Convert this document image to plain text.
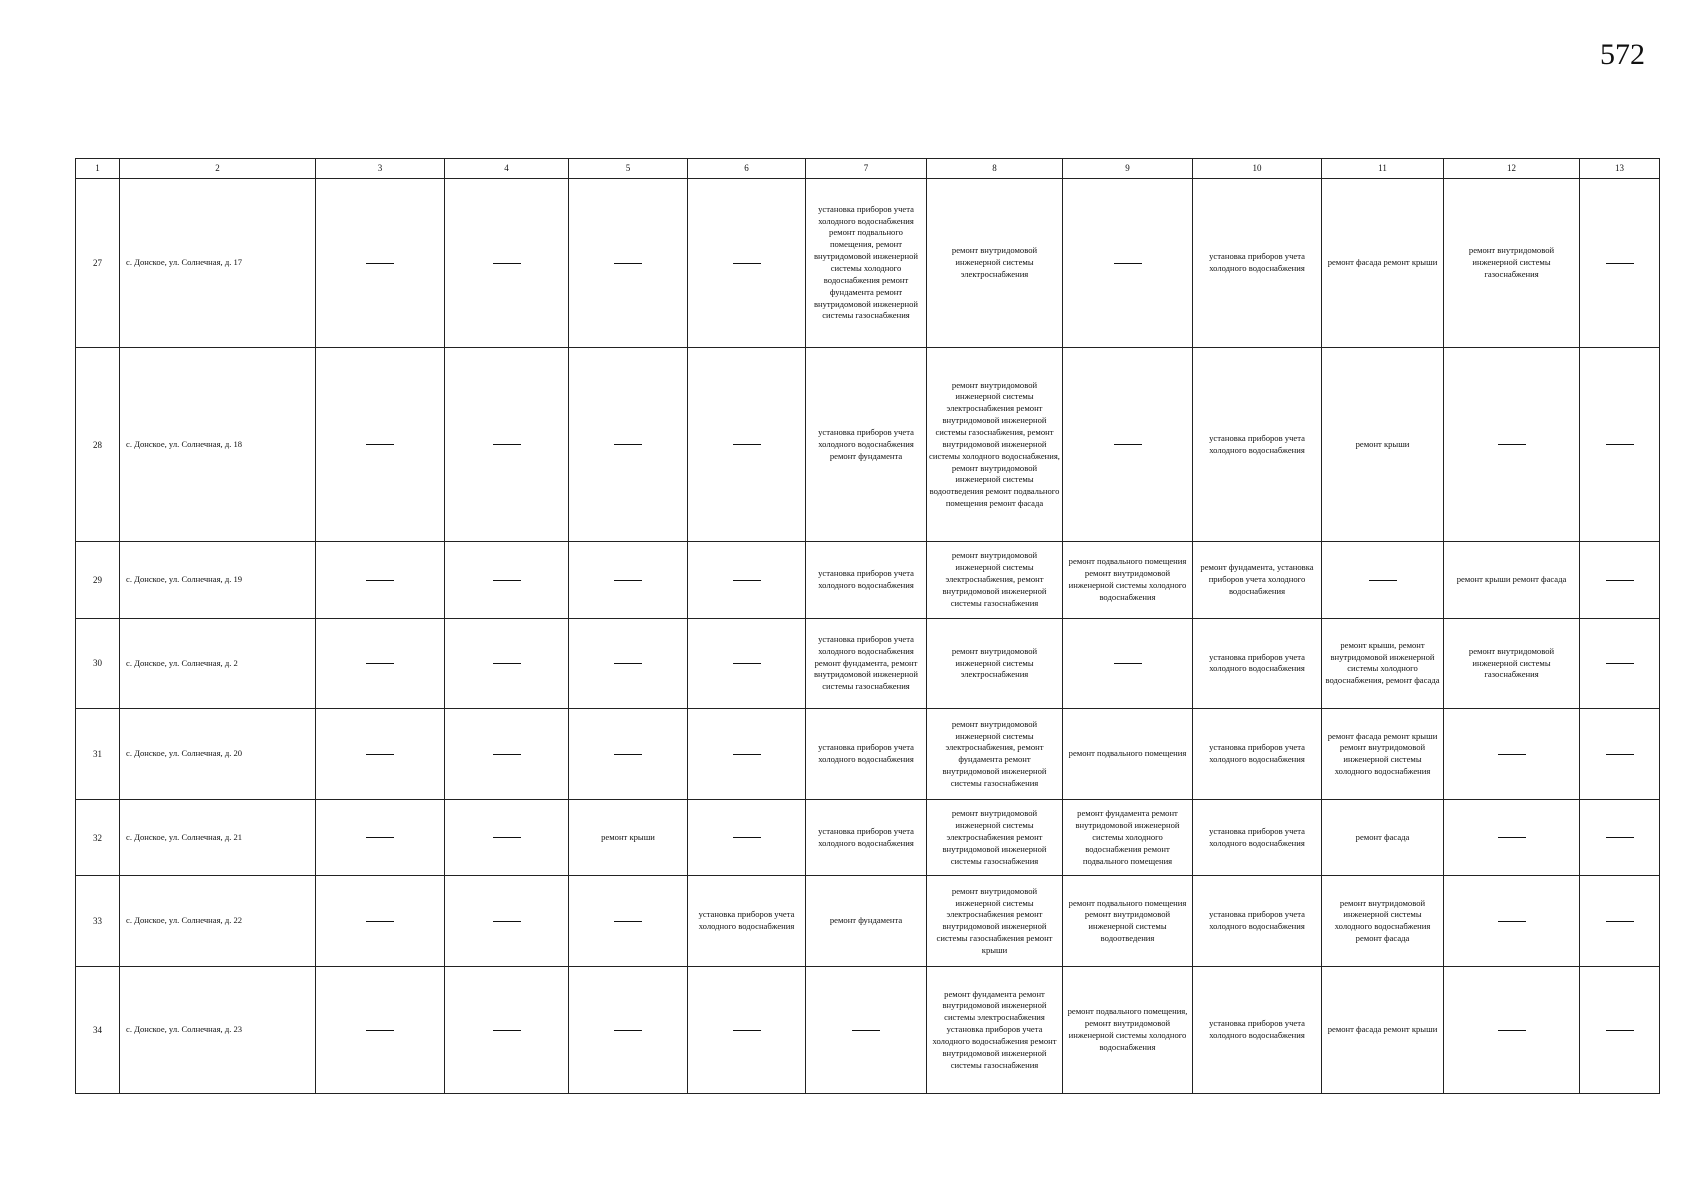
572
1	2	3	4	5	6	7	8	9	10	11	12	13
27	с. Донское, ул. Солнечная, д. 17					установка приборов учета холодного водоснабжения ремонт подвального помещения, ремонт внутридомовой инженерной системы холодного водоснабжения ремонт фундамента ремонт внутридомовой инженерной системы газоснабжения	ремонт внутридомовой инженерной системы электроснабжения		установка приборов учета холодного водоснабжения	ремонт фасада ремонт крыши	ремонт внутридомовой инженерной системы газоснабжения	
28	с. Донское, ул. Солнечная, д. 18					установка приборов учета холодного водоснабжения ремонт фундамента	ремонт внутридомовой инженерной системы электроснабжения ремонт внутридомовой инженерной системы газоснабжения, ремонт внутридомовой инженерной системы холодного водоснабжения, ремонт внутридомовой инженерной системы водоотведения ремонт подвального помещения ремонт фасада		установка приборов учета холодного водоснабжения	ремонт крыши		
29	с. Донское, ул. Солнечная, д. 19					установка приборов учета холодного водоснабжения	ремонт внутридомовой инженерной системы электроснабжения, ремонт внутридомовой инженерной системы газоснабжения	ремонт подвального помещения ремонт внутридомовой инженерной системы холодного водоснабжения	ремонт фундамента, установка приборов учета холодного водоснабжения		ремонт крыши ремонт фасада	
30	с. Донское, ул. Солнечная, д. 2					установка приборов учета холодного водоснабжения ремонт фундамента, ремонт внутридомовой инженерной системы газоснабжения	ремонт внутридомовой инженерной системы электроснабжения		установка приборов учета холодного водоснабжения	ремонт крыши, ремонт внутридомовой инженерной системы холодного водоснабжения, ремонт фасада	ремонт внутридомовой инженерной системы газоснабжения	
31	с. Донское, ул. Солнечная, д. 20					установка приборов учета холодного водоснабжения	ремонт внутридомовой инженерной системы электроснабжения, ремонт фундамента ремонт внутридомовой инженерной системы газоснабжения	ремонт подвального помещения	установка приборов учета холодного водоснабжения	ремонт фасада ремонт крыши ремонт внутридомовой инженерной системы холодного водоснабжения		
32	с. Донское, ул. Солнечная, д. 21			ремонт крыши		установка приборов учета холодного водоснабжения	ремонт внутридомовой инженерной системы электроснабжения ремонт внутридомовой инженерной системы газоснабжения	ремонт фундамента ремонт внутридомовой инженерной системы холодного водоснабжения ремонт подвального помещения	установка приборов учета холодного водоснабжения	ремонт фасада		
33	с. Донское, ул. Солнечная, д. 22				установка приборов учета холодного водоснабжения	ремонт фундамента	ремонт внутридомовой инженерной системы электроснабжения ремонт внутридомовой инженерной системы газоснабжения ремонт крыши	ремонт подвального помещения ремонт внутридомовой инженерной системы водоотведения	установка приборов учета холодного водоснабжения	ремонт внутридомовой инженерной системы холодного водоснабжения ремонт фасада		
34	с. Донское, ул. Солнечная, д. 23						ремонт фундамента ремонт внутридомовой инженерной системы электроснабжения установка приборов учета холодного водоснабжения ремонт внутридомовой инженерной системы газоснабжения	ремонт подвального помещения, ремонт внутридомовой инженерной системы холодного водоснабжения	установка приборов учета холодного водоснабжения	ремонт фасада ремонт крыши		
